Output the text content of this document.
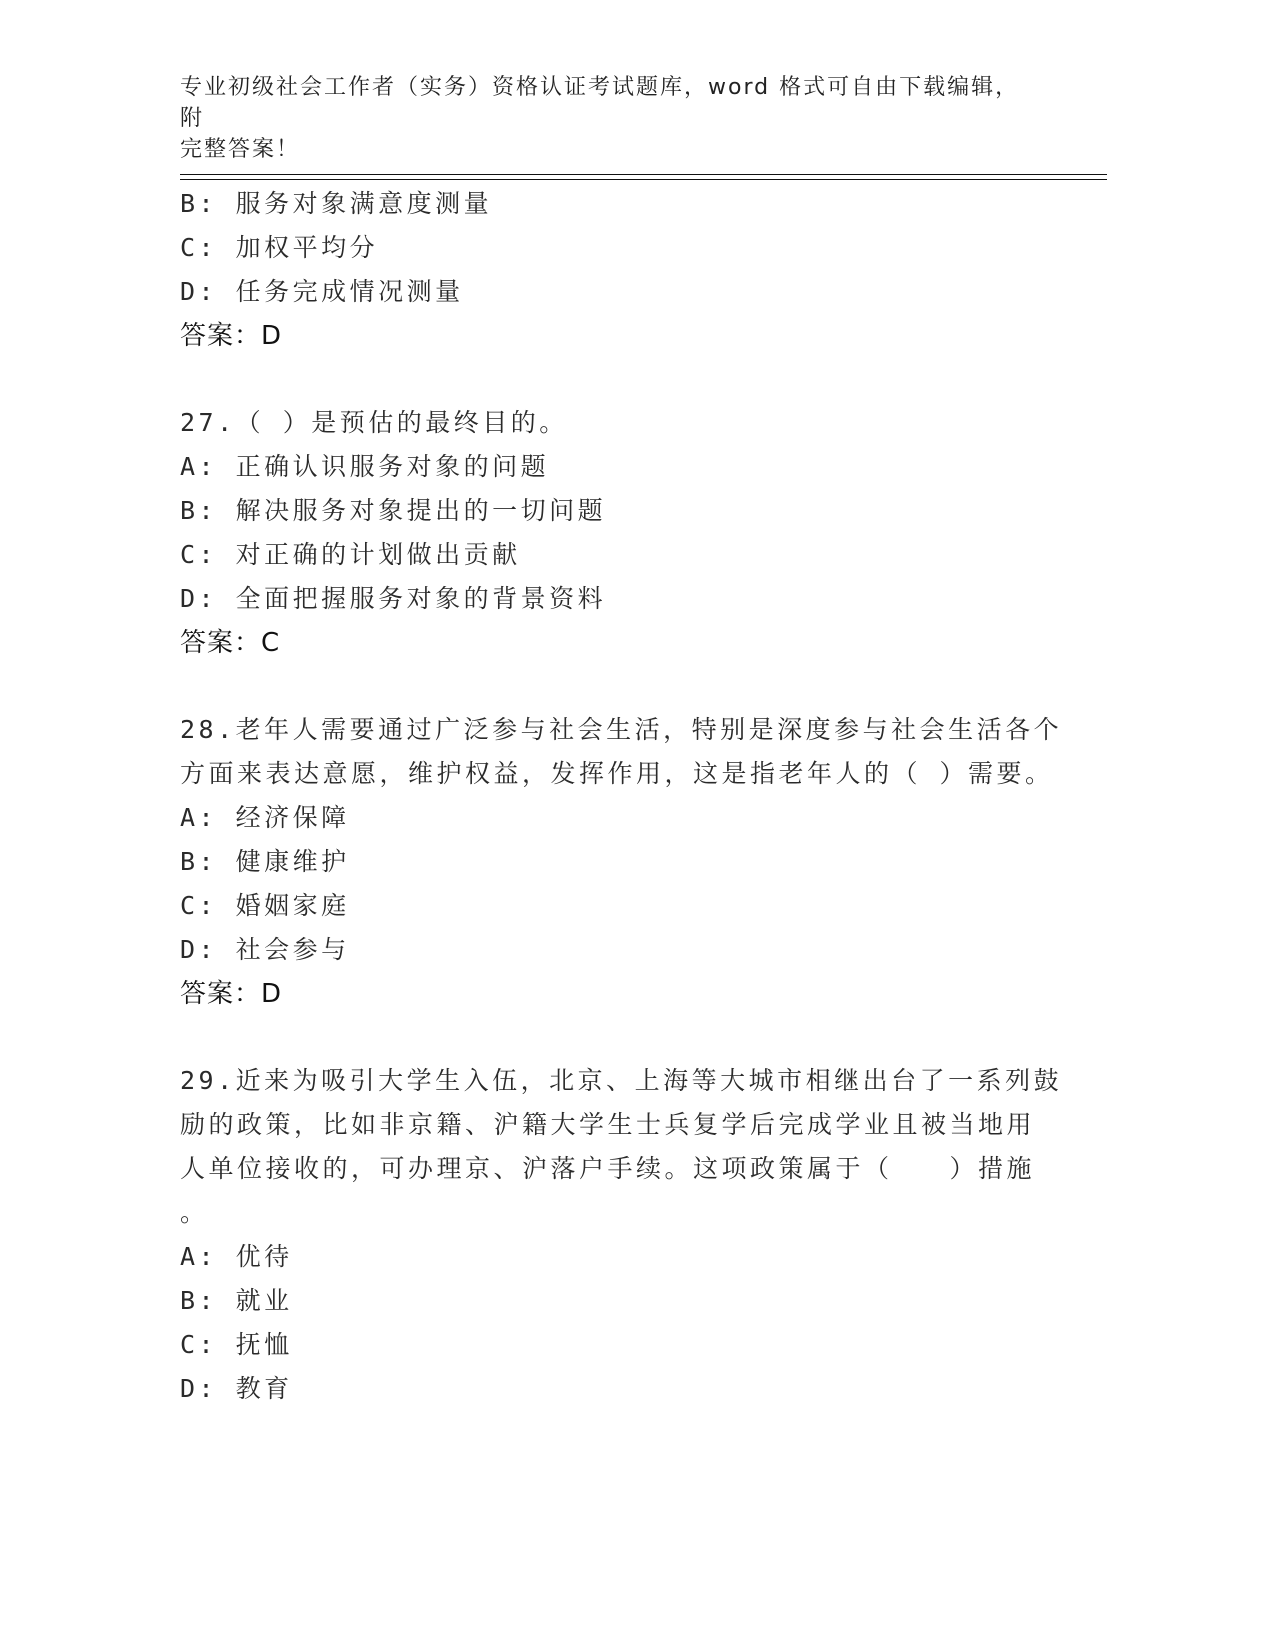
专业初级社会工作者（实务）资格认证考试题库，word 格式可自由下载编辑，附
完整答案！
B: 服务对象满意度测量
C: 加权平均分
D: 任务完成情况测量
答案：D
27.（ ）是预估的最终目的。
A: 正确认识服务对象的问题
B: 解决服务对象提出的一切问题
C: 对正确的计划做出贡献
D: 全面把握服务对象的背景资料
答案：C
28.老年人需要通过广泛参与社会生活，特别是深度参与社会生活各个
方面来表达意愿，维护权益，发挥作用，这是指老年人的（ ）需要。
A: 经济保障
B: 健康维护
C: 婚姻家庭
D: 社会参与
答案：D
29.近来为吸引大学生入伍，北京、上海等大城市相继出台了一系列鼓
励的政策，比如非京籍、沪籍大学生士兵复学后完成学业且被当地用
人单位接收的，可办理京、沪落户手续。这项政策属于（　　）措施
。
A: 优待
B: 就业
C: 抚恤
D: 教育
